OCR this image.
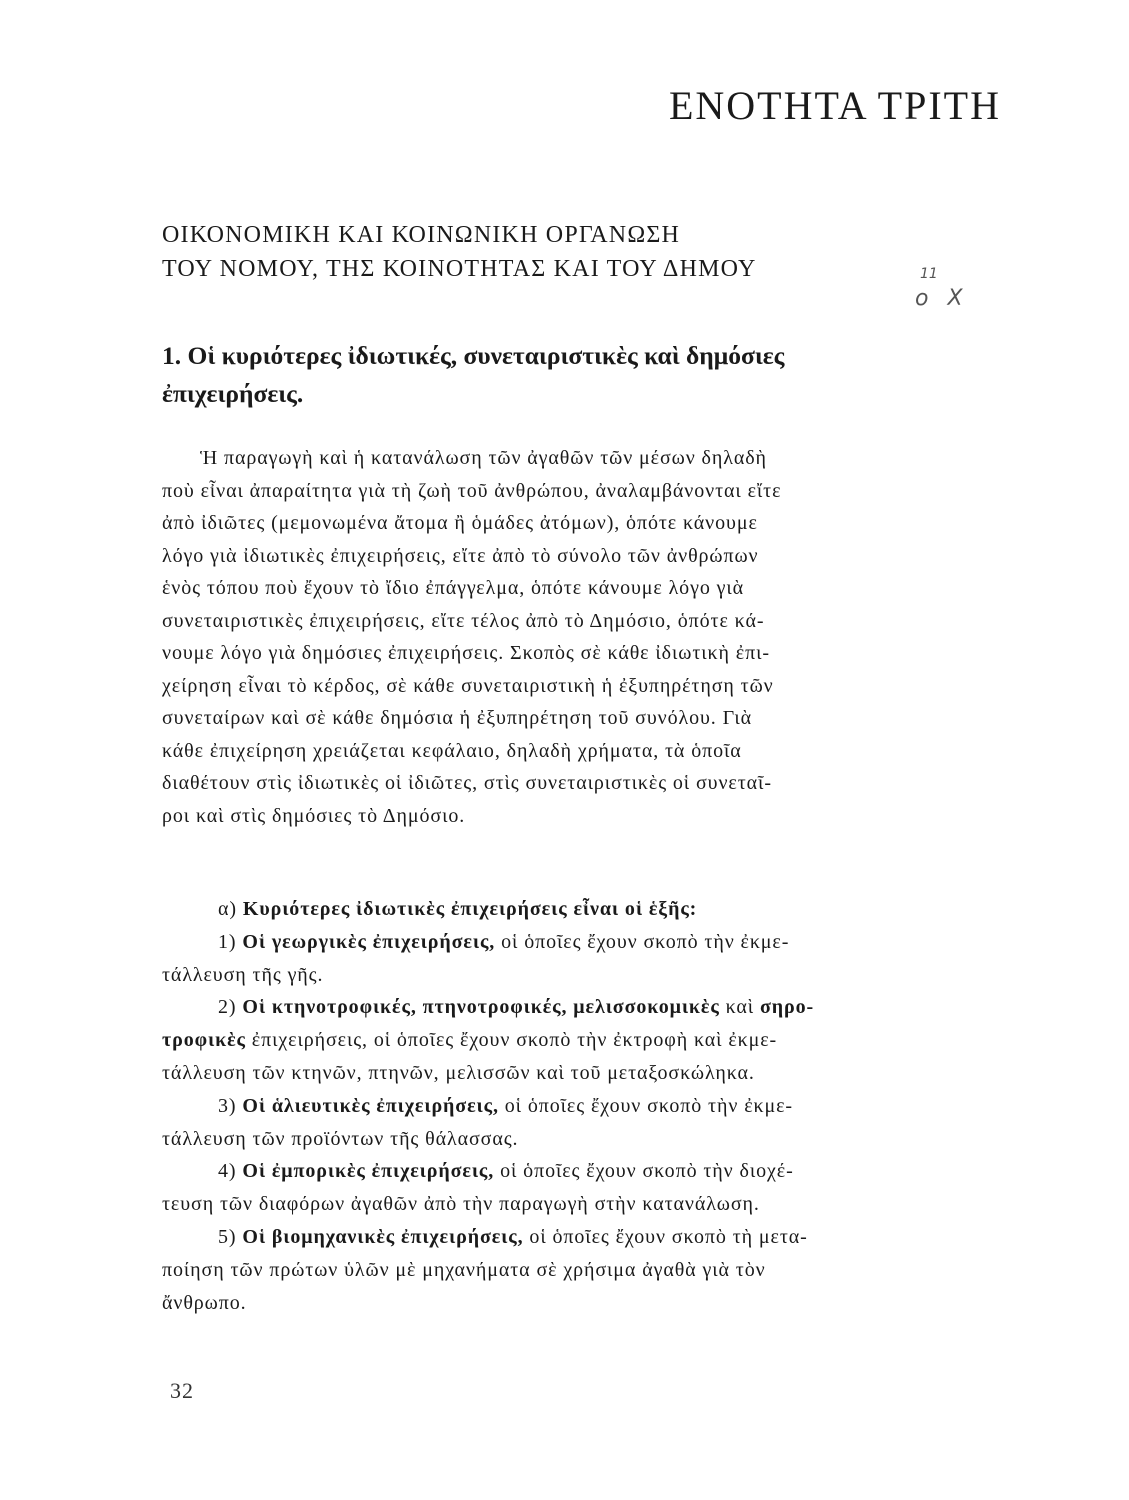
ΕΝΟΤΗΤΑ ΤΡΙΤΗ
ΟΙΚΟΝΟΜΙΚΗ ΚΑΙ ΚΟΙΝΩΝΙΚΗ ΟΡΓΑΝΩΣΗ
ΤΟΥ ΝΟΜΟΥ, ΤΗΣ ΚΟΙΝΟΤΗΤΑΣ ΚΑΙ ΤΟΥ ΔΗΜΟΥ	11
ο Χ
1. Οἱ κυριότερες ἰδιωτικές, συνεταιριστικὲς καὶ δημόσιες
ἐπιχειρήσεις.
Ἡ παραγωγὴ καὶ ἡ κατανάλωση τῶν ἀγαθῶν τῶν μέσων δηλαδὴ
ποὺ εἶναι ἀπαραίτητα γιὰ τὴ ζωὴ τοῦ ἀνθρώπου, ἀναλαμβάνονται εἴτε
ἀπὸ ἰδιῶτες (μεμονωμένα ἄτομα ἢ ὁμάδες ἀτόμων), ὁπότε κάνουμε
λόγο γιὰ ἰδιωτικὲς ἐπιχειρήσεις, εἴτε ἀπὸ τὸ σύνολο τῶν ἀνθρώπων
ἑνὸς τόπου ποὺ ἔχουν τὸ ἴδιο ἐπάγγελμα, ὁπότε κάνουμε λόγο γιὰ
συνεταιριστικὲς ἐπιχειρήσεις, εἴτε τέλος ἀπὸ τὸ Δημόσιο, ὁπότε κά-
νουμε λόγο γιὰ δημόσιες ἐπιχειρήσεις. Σκοπὸς σὲ κάθε ἰδιωτικὴ ἐπι-
χείρηση εἶναι τὸ κέρδος, σὲ κάθε συνεταιριστικὴ ἡ ἐξυπηρέτηση τῶν
συνεταίρων καὶ σὲ κάθε δημόσια ἡ ἐξυπηρέτηση τοῦ συνόλου. Γιὰ
κάθε ἐπιχείρηση χρειάζεται κεφάλαιο, δηλαδὴ χρήματα, τὰ ὁποῖα
διαθέτουν στὶς ἰδιωτικὲς οἱ ἰδιῶτες, στὶς συνεταιριστικὲς οἱ συνεταῖ-
ροι καὶ στὶς δημόσιες τὸ Δημόσιο.
α) Κυριότερες ἰδιωτικὲς ἐπιχειρήσεις εἶναι οἱ ἑξῆς:
1) Οἱ γεωργικὲς ἐπιχειρήσεις, οἱ ὁποῖες ἔχουν σκοπὸ τὴν ἐκμε-
τάλλευση τῆς γῆς.
2) Οἱ κτηνοτροφικές, πτηνοτροφικές, μελισσοκομικὲς καὶ σηρο-
τροφικὲς ἐπιχειρήσεις, οἱ ὁποῖες ἔχουν σκοπὸ τὴν ἐκτροφὴ καὶ ἐκμε-
τάλλευση τῶν κτηνῶν, πτηνῶν, μελισσῶν καὶ τοῦ μεταξοσκώληκα.
3) Οἱ ἁλιευτικὲς ἐπιχειρήσεις, οἱ ὁποῖες ἔχουν σκοπὸ τὴν ἐκμε-
τάλλευση τῶν προϊόντων τῆς θάλασσας.
4) Οἱ ἐμπορικὲς ἐπιχειρήσεις, οἱ ὁποῖες ἔχουν σκοπὸ τὴν διοχέ-
τευση τῶν διαφόρων ἀγαθῶν ἀπὸ τὴν παραγωγὴ στὴν κατανάλωση.
5) Οἱ βιομηχανικὲς ἐπιχειρήσεις, οἱ ὁποῖες ἔχουν σκοπὸ τὴ μετα-
ποίηση τῶν πρώτων ὑλῶν μὲ μηχανήματα σὲ χρήσιμα ἀγαθὰ γιὰ τὸν
ἄνθρωπο.
32
